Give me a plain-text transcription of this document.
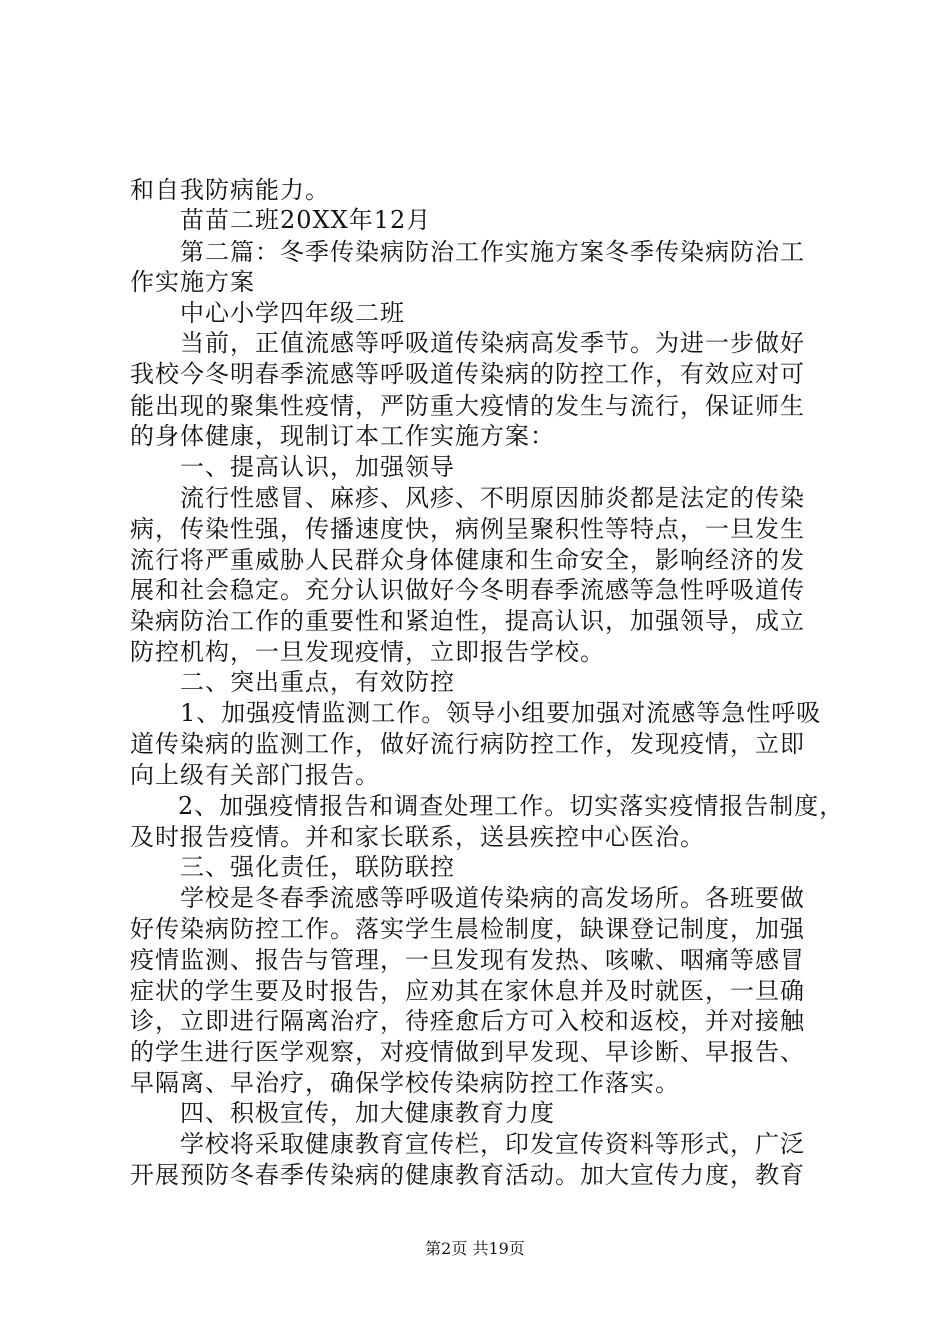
和自我防病能力。
苗苗二班20XX年12月
第二篇：冬季传染病防治工作实施方案冬季传染病防治工
作实施方案
中心小学四年级二班
当前，正值流感等呼吸道传染病高发季节。为进一步做好
我校今冬明春季流感等呼吸道传染病的防控工作，有效应对可
能出现的聚集性疫情，严防重大疫情的发生与流行，保证师生
的身体健康，现制订本工作实施方案：
一、提高认识，加强领导
流行性感冒、麻疹、风疹、不明原因肺炎都是法定的传染
病，传染性强，传播速度快，病例呈聚积性等特点，一旦发生
流行将严重威胁人民群众身体健康和生命安全，影响经济的发
展和社会稳定。充分认识做好今冬明春季流感等急性呼吸道传
染病防治工作的重要性和紧迫性，提高认识，加强领导，成立
防控机构，一旦发现疫情，立即报告学校。
二、突出重点，有效防控
1、加强疫情监测工作。领导小组要加强对流感等急性呼吸
道传染病的监测工作，做好流行病防控工作，发现疫情，立即
向上级有关部门报告。
2、加强疫情报告和调查处理工作。切实落实疫情报告制度，
及时报告疫情。并和家长联系，送县疾控中心医治。
三、强化责任，联防联控
学校是冬春季流感等呼吸道传染病的高发场所。各班要做
好传染病防控工作。落实学生晨检制度，缺课登记制度，加强
疫情监测、报告与管理，一旦发现有发热、咳嗽、咽痛等感冒
症状的学生要及时报告，应劝其在家休息并及时就医，一旦确
诊，立即进行隔离治疗，待痊愈后方可入校和返校，并对接触
的学生进行医学观察，对疫情做到早发现、早诊断、早报告、
早隔离、早治疗，确保学校传染病防控工作落实。
四、积极宣传，加大健康教育力度
学校将采取健康教育宣传栏，印发宣传资料等形式，广泛
开展预防冬春季传染病的健康教育活动。加大宣传力度，教育
第2页 共19页
